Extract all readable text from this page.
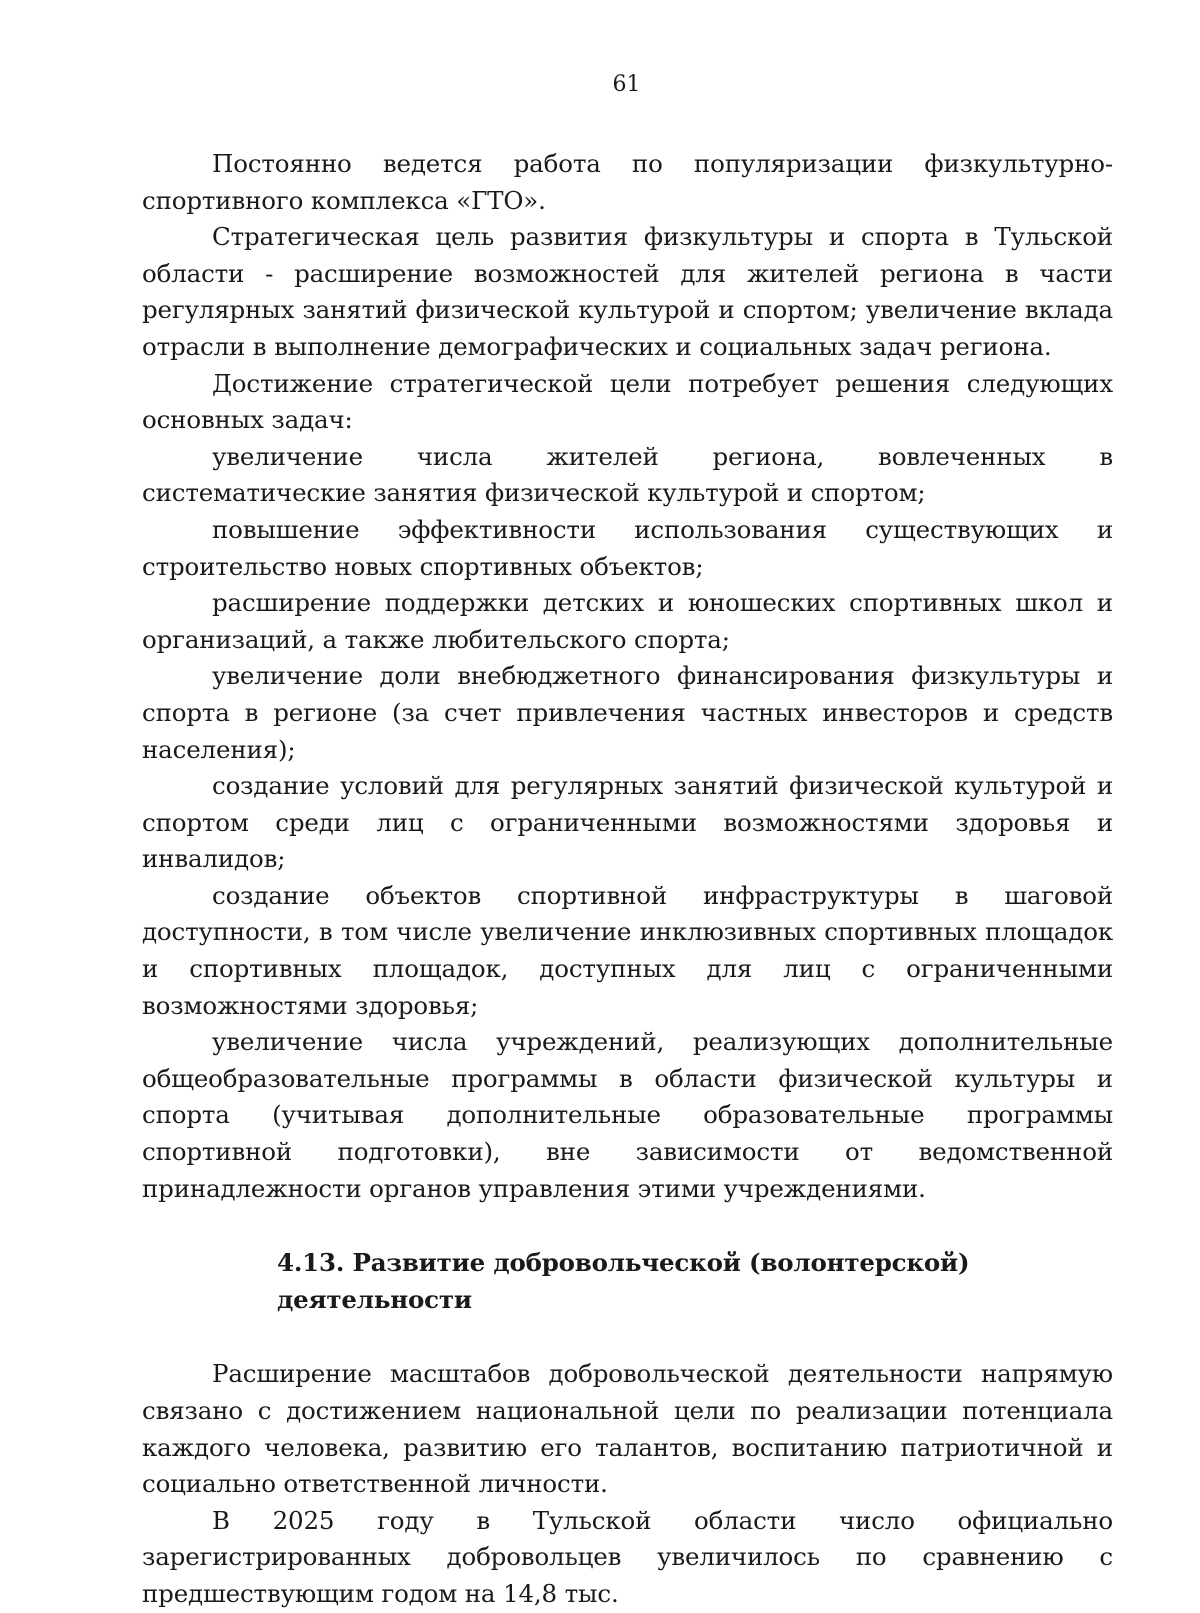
61

Постоянно ведется работа по популяризации физкультурно-спортивного комплекса «ГТО».

Стратегическая цель развития физкультуры и спорта в Тульской области - расширение возможностей для жителей региона в части регулярных занятий физической культурой и спортом; увеличение вклада отрасли в выполнение демографических и социальных задач региона.

Достижение стратегической цели потребует решения следующих основных задач:

увеличение числа жителей региона, вовлеченных в систематические занятия физической культурой и спортом;

повышение эффективности использования существующих и строительство новых спортивных объектов;

расширение поддержки детских и юношеских спортивных школ и организаций, а также любительского спорта;

увеличение доли внебюджетного финансирования физкультуры и спорта в регионе (за счет привлечения частных инвесторов и средств населения);

создание условий для регулярных занятий физической культурой и спортом среди лиц с ограниченными возможностями здоровья и инвалидов;

создание объектов спортивной инфраструктуры в шаговой доступности, в том числе увеличение инклюзивных спортивных площадок и спортивных площадок, доступных для лиц с ограниченными возможностями здоровья;

увеличение числа учреждений, реализующих дополнительные общеобразовательные программы в области физической культуры и спорта (учитывая дополнительные образовательные программы спортивной подготовки), вне зависимости от ведомственной принадлежности органов управления этими учреждениями.

4.13. Развитие добровольческой (волонтерской) деятельности

Расширение масштабов добровольческой деятельности напрямую связано с достижением национальной цели по реализации потенциала каждого человека, развитию его талантов, воспитанию патриотичной и социально ответственной личности.

В 2025 году в Тульской области число официально зарегистрированных добровольцев увеличилось по сравнению с предшествующим годом на 14,8 тыс.
